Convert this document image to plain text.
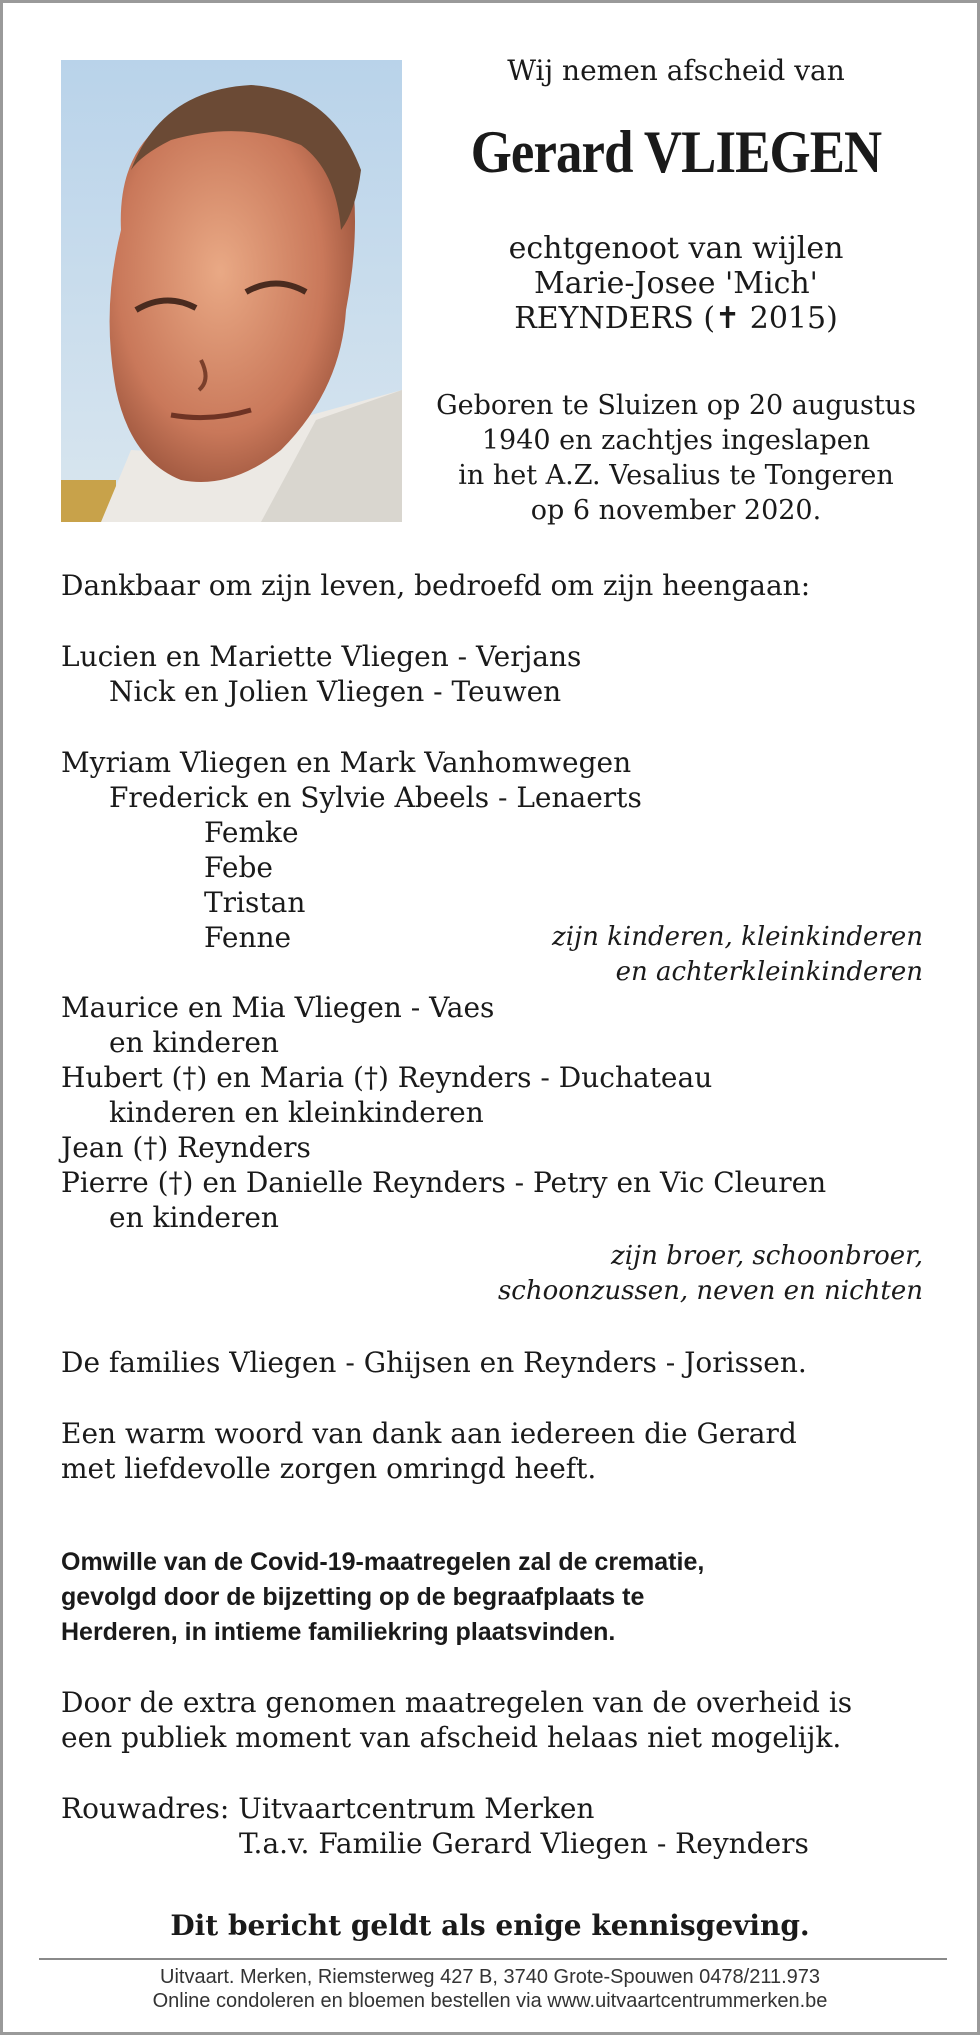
Wij nemen afscheid van
Gerard VLIEGEN
echtgenoot van wijlen
Marie-Josee 'Mich'
REYNDERS (✝ 2015)
Geboren te Sluizen op 20 augustus
1940 en zachtjes ingeslapen
in het A.Z. Vesalius te Tongeren
op 6 november 2020.
Dankbaar om zijn leven, bedroefd om zijn heengaan:
Lucien en Mariette Vliegen - Verjans
Nick en Jolien Vliegen - Teuwen
Myriam Vliegen en Mark Vanhomwegen
Frederick en Sylvie Abeels - Lenaerts
Femke
Febe
Tristan
Fenne	zijn kinderen, kleinkinderen
en achterkleinkinderen
Maurice en Mia Vliegen - Vaes
en kinderen
Hubert (†) en Maria (†) Reynders - Duchateau
kinderen en kleinkinderen
Jean (†) Reynders
Pierre (†) en Danielle Reynders - Petry en Vic Cleuren
en kinderen
zijn broer, schoonbroer,
schoonzussen, neven en nichten
De families Vliegen - Ghijsen en Reynders - Jorissen.
Een warm woord van dank aan iedereen die Gerard
met liefdevolle zorgen omringd heeft.
Omwille van de Covid-19-maatregelen zal de crematie,
gevolgd door de bijzetting op de begraafplaats te
Herderen, in intieme familiekring plaatsvinden.
Door de extra genomen maatregelen van de overheid is
een publiek moment van afscheid helaas niet mogelijk.
Rouwadres: Uitvaartcentrum Merken
T.a.v. Familie Gerard Vliegen - Reynders
Dit bericht geldt als enige kennisgeving.
Uitvaart. Merken, Riemsterweg 427 B, 3740 Grote-Spouwen 0478/211.973
Online condoleren en bloemen bestellen via www.uitvaartcentrummerken.be
